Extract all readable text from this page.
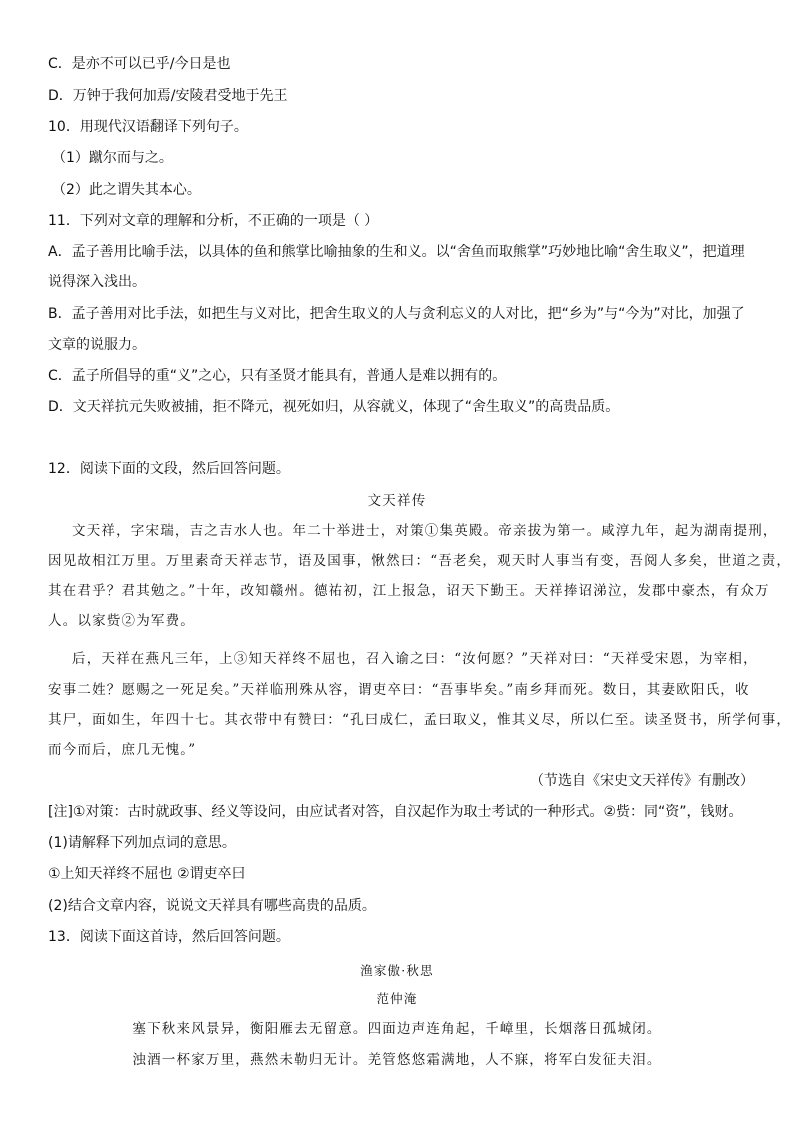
C．是亦不可以已乎/今日是也
D．万钟于我何加焉/安陵君受地于先王
10．用现代汉语翻译下列句子。
（1）蹴尔而与之。
（2）此之谓失其本心。
11．下列对文章的理解和分析，不正确的一项是（ ）
A．孟子善用比喻手法，以具体的鱼和熊掌比喻抽象的生和义。以“舍鱼而取熊掌”巧妙地比喻“舍生取义”，把道理
说得深入浅出。
B．孟子善用对比手法，如把生与义对比，把舍生取义的人与贪利忘义的人对比，把“乡为”与“今为”对比，加强了
文章的说服力。
C．孟子所倡导的重“义”之心，只有圣贤才能具有，普通人是难以拥有的。
D．文天祥抗元失败被捕，拒不降元，视死如归，从容就义，体现了“舍生取义”的高贵品质。
12．阅读下面的文段，然后回答问题。
文天祥传
文天祥，字宋瑞，吉之吉水人也。年二十举进士，对策①集英殿。帝亲拔为第一。咸淳九年，起为湖南提刑，
因见故相江万里。万里素奇天祥志节，语及国事，愀然曰：“吾老矣，观天时人事当有变，吾阅人多矣，世道之责，
其在君乎？君其勉之。”十年，改知赣州。德祐初，江上报急，诏天下勤王。天祥捧诏涕泣，发郡中豪杰，有众万
人。以家赀②为军费。
后，天祥在燕凡三年，上③知天祥终不屈也，召入谕之曰：“汝何愿？”天祥对曰：“天祥受宋恩，为宰相，
安事二姓？愿赐之一死足矣。”天祥临刑殊从容，谓吏卒曰：“吾事毕矣。”南乡拜而死。数日，其妻欧阳氏，收
其尸，面如生，年四十七。其衣带中有赞曰：“孔曰成仁，孟曰取义，惟其义尽，所以仁至。读圣贤书，所学何事，
而今而后，庶几无愧。”
（节选自《宋史文天祥传》有删改）
[注]①对策：古时就政事、经义等设问，由应试者对答，自汉起作为取士考试的一种形式。②赀：同“资”，钱财。
(1)请解释下列加点词的意思。
①上知天祥终不屈也 ②谓吏卒曰
(2)结合文章内容，说说文天祥具有哪些高贵的品质。
13．阅读下面这首诗，然后回答问题。
渔家傲·秋思
范仲淹
塞下秋来风景异，衡阳雁去无留意。四面边声连角起，千嶂里，长烟落日孤城闭。
浊酒一杯家万里，燕然未勒归无计。羌管悠悠霜满地，人不寐，将军白发征夫泪。
